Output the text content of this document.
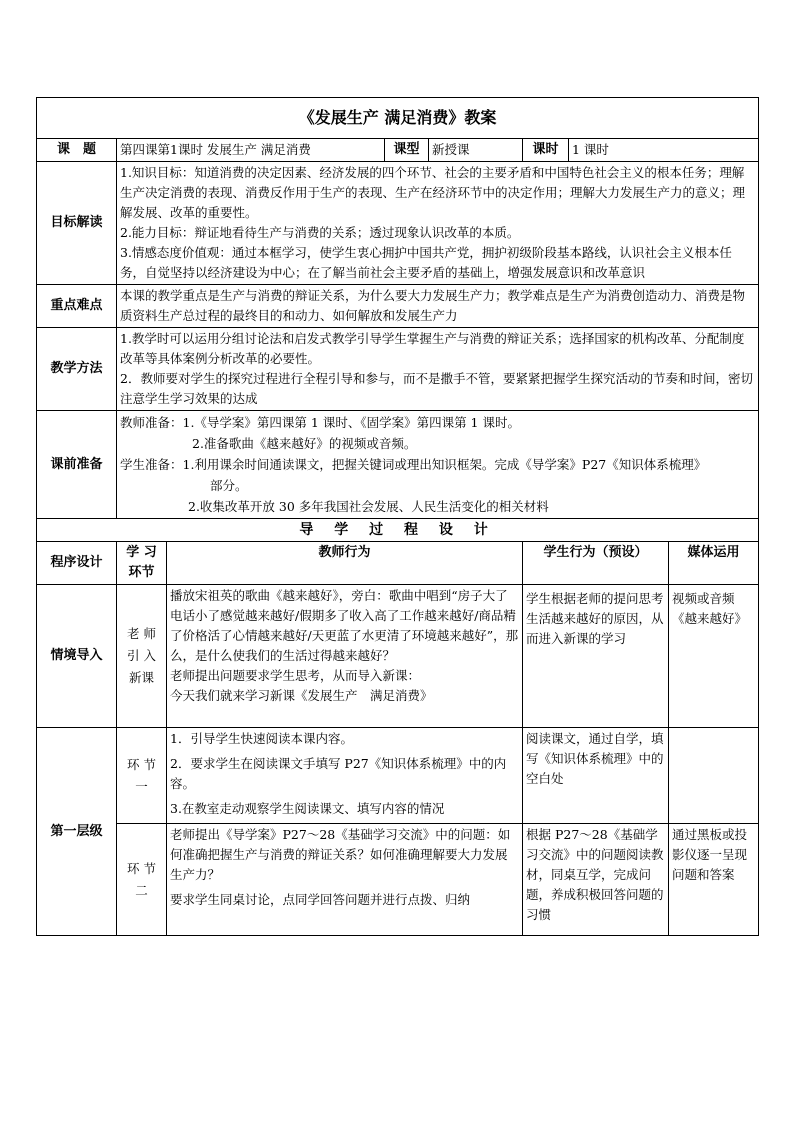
《发展生产 满足消费》教案							
课　题	第四课第1课时 发展生产 满足消费		课型	新授课	课时	1 课时	
目标解读	1.知识目标：知道消费的决定因素、经济发展的四个环节、社会的主要矛盾和中国特色社会主义的根本任务；理解生产决定消费的表现、消费反作用于生产的表现、生产在经济环节中的决定作用；理解大力发展生产力的意义；理解发展、改革的重要性。

2.能力目标：辩证地看待生产与消费的关系；透过现象认识改革的本质。

3.情感态度价值观：通过本框学习，使学生衷心拥护中国共产党，拥护初级阶段基本路线，认识社会主义根本任务，自觉坚持以经济建设为中心；在了解当前社会主要矛盾的基础上，增强发展意识和改革意识						

重点难点	本课的教学重点是生产与消费的辩证关系，为什么要大力发展生产力；教学难点是生产为消费创造动力、消费是物质资料生产总过程的最终目的和动力、如何解放和发展生产力						
教学方法	1.教学时可以运用分组讨论法和启发式教学引导学生掌握生产与消费的辩证关系；选择国家的机构改革、分配制度改革等具体案例分析改革的必要性。

2．教师要对学生的探究过程进行全程引导和参与，而不是撒手不管，要紧紧把握学生探究活动的节奏和时间，密切注意学生学习效果的达成						

课前准备	教师准备：1.《导学案》第四课第 1 课时、《固学案》第四课第 1 课时。

2.准备歌曲《越来越好》的视频或音频。

学生准备：1.利用课余时间通读课文，把握关键词或理出知识框架。完成《导学案》P27《知识体系梳理》

部分。

2.收集改革开放 30 多年我国社会发展、人民生活变化的相关材料						

导 学 过 程 设 计							
程序设计	学 习 环节	教师行为			学生行为（预设）		媒体运用
情境导入	老 师 引 入 新课	播放宋祖英的歌曲《越来越好》，旁白：歌曲中唱到“房子大了电话小了感觉越来越好/假期多了收入高了工作越来越好/商品精了价格活了心情越来越好/天更蓝了水更清了环境越来越好”，那么，是什么使我们的生活过得越来越好？

老师提出问题要求学生思考，从而导入新课：

今天我们就来学习新课《发展生产　满足消费》			学生根据老师的提问思考生活越来越好的原因，从而进入新课的学习		视频或音频《越来越好》
第一层级	环 节 一	1．引导学生快速阅读本课内容。

2．要求学生在阅读课文手填写 P27《知识体系梳理》中的内容。

3.在教室走动观察学生阅读课文、填写内容的情况			阅读课文，通过自学，填写《知识体系梳理》中的空白处		
	环 节 二	老师提出《导学案》P27～28《基础学习交流》中的问题：如何准确把握生产与消费的辩证关系？如何准确理解要大力发展生产力？

要求学生同桌讨论，点同学回答问题并进行点拨、归纳			根据 P27～28《基础学习交流》中的问题阅读教材，同桌互学，完成问题，养成积极回答问题的习惯		通过黑板或投影仪逐一呈现问题和答案
